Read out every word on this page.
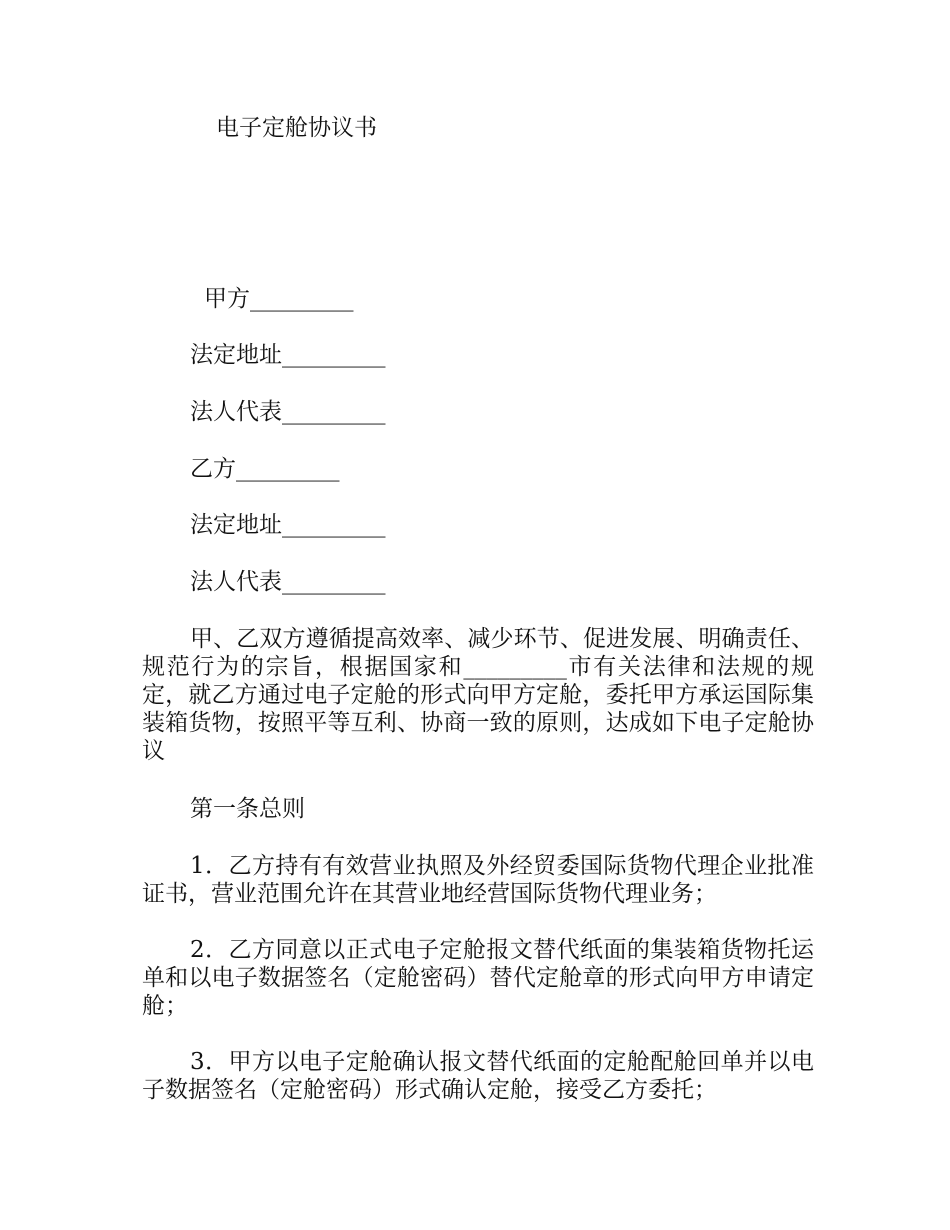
电子定舱协议书
甲方_________
法定地址_________
法人代表_________
乙方_________
法定地址_________
法人代表_________
甲、乙双方遵循提高效率、减少环节、促进发展、明确责任、规范行为的宗旨，根据国家和_________市有关法律和法规的规定，就乙方通过电子定舱的形式向甲方定舱，委托甲方承运国际集装箱货物，按照平等互利、协商一致的原则，达成如下电子定舱协议
第一条总则
1．乙方持有有效营业执照及外经贸委国际货物代理企业批准证书，营业范围允许在其营业地经营国际货物代理业务；
2．乙方同意以正式电子定舱报文替代纸面的集装箱货物托运单和以电子数据签名（定舱密码）替代定舱章的形式向甲方申请定舱；
3．甲方以电子定舱确认报文替代纸面的定舱配舱回单并以电子数据签名（定舱密码）形式确认定舱，接受乙方委托；
